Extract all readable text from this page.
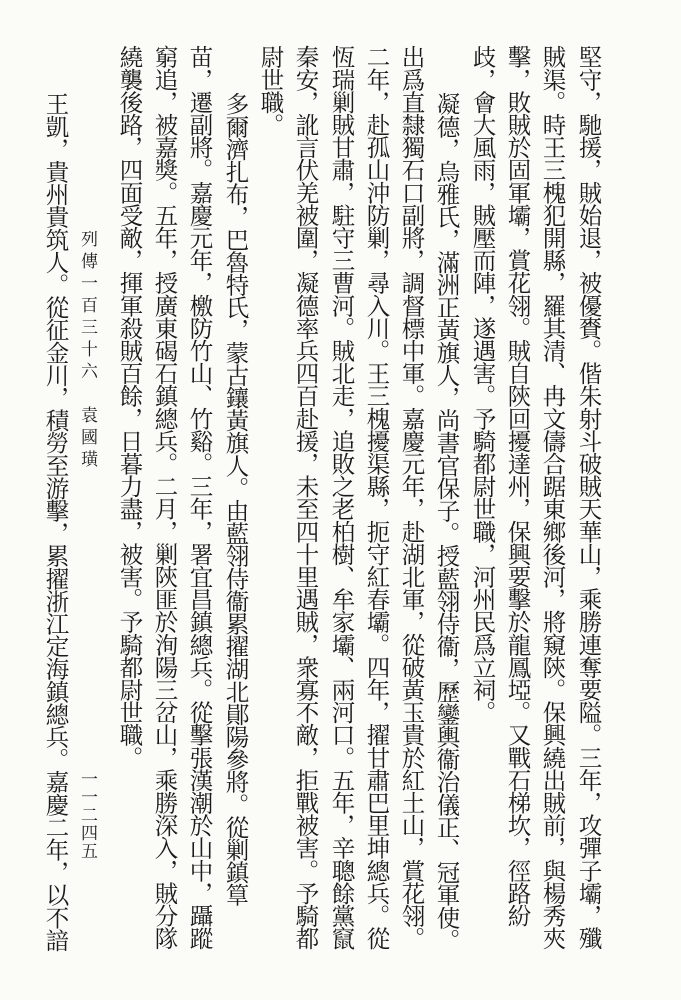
列傳一百三十六　袁國璜
一一二四五	堅守，馳援，賊始退，被優賚。偕朱射斗破賊天華山，乘勝連奪要隘。三年，攻彈子壩，殲
賊渠。時王三槐犯開縣，羅其清、冉文儔合踞東鄉後河，將窺陝。保興繞出賊前，與楊秀夾
擊，敗賊於固軍壩，賞花翎。賊自陝回擾達州，保興要擊於龍鳳埡。又戰石梯坎，徑路紛
歧，會大風雨，賊壓而陣，遂遇害。予騎都尉世職，河州民爲立祠。
凝德，烏雅氏，滿洲正黃旗人，尚書官保子。授藍翎侍衞，歷鑾輿衞治儀正、冠軍使。
出爲直隸獨石口副將，調督標中軍。嘉慶元年，赴湖北軍，從破黃玉貴於紅土山，賞花翎。
二年，赴孤山沖防剿，尋入川。王三槐擾渠縣，扼守紅春壩。四年，擢甘肅巴里坤總兵。從
恆瑞剿賊甘肅，駐守三曹河。賊北走，追敗之老柏樹、牟家壩、兩河口。五年，辛聰餘黨竄
秦安，訛言伏羌被圍，凝德率兵四百赴援，未至四十里遇賊，衆寡不敵，拒戰被害。予騎都
尉世職。
多爾濟扎布，巴魯特氏，蒙古鑲黃旗人。由藍翎侍衞累擢湖北鄖陽參將。從剿鎮筸
苗，遷副將。嘉慶元年，檄防竹山、竹谿。三年，署宜昌鎮總兵。從擊張漢潮於山中，躡蹤
窮追，被嘉獎。五年，授廣東碣石鎮總兵。二月，剿陝匪於洵陽三岔山，乘勝深入，賊分隊
繞襲後路，四面受敵，揮軍殺賊百餘，日暮力盡，被害。予騎都尉世職。
王凱，貴州貴筑人。從征金川，積勞至游擊，累擢浙江定海鎮總兵。嘉慶二年，以不諳
